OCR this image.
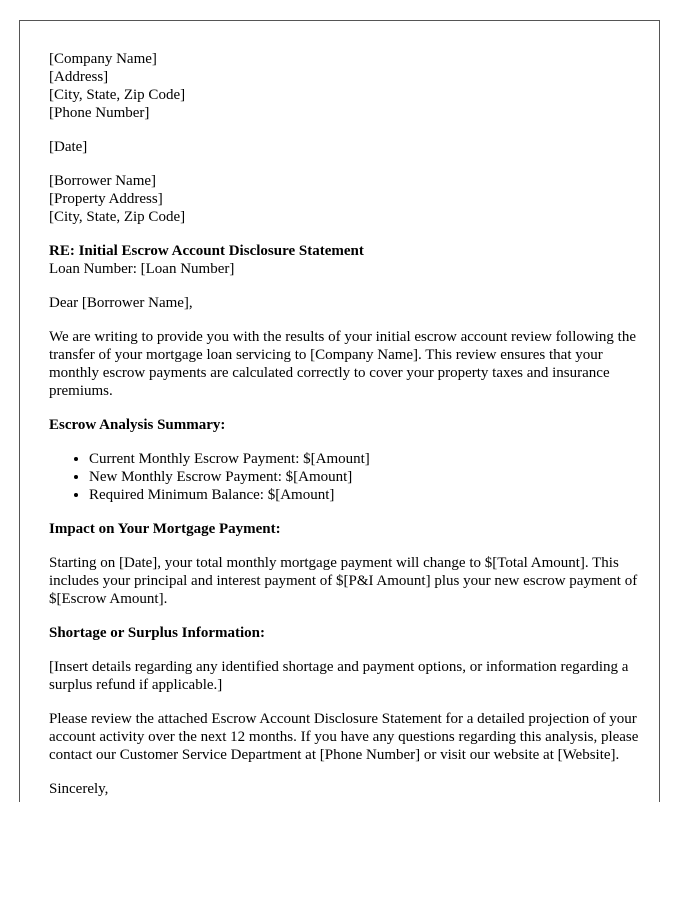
[Company Name]
[Address]
[City, State, Zip Code]
[Phone Number]
[Date]
[Borrower Name]
[Property Address]
[City, State, Zip Code]
RE: Initial Escrow Account Disclosure Statement
Loan Number: [Loan Number]

Dear [Borrower Name],

We are writing to provide you with the results of your initial escrow account review following the transfer of your mortgage loan servicing to [Company Name]. This review ensures that your monthly escrow payments are calculated correctly to cover your property taxes and insurance premiums.

Escrow Analysis Summary:

• Current Monthly Escrow Payment: $[Amount]
• New Monthly Escrow Payment: $[Amount]
• Required Minimum Balance: $[Amount]

Impact on Your Mortgage Payment:

Starting on [Date], your total monthly mortgage payment will change to $[Total Amount]. This includes your principal and interest payment of $[P&I Amount] plus your new escrow payment of $[Escrow Amount].

Shortage or Surplus Information:

[Insert details regarding any identified shortage and payment options, or information regarding a surplus refund if applicable.]

Please review the attached Escrow Account Disclosure Statement for a detailed projection of your account activity over the next 12 months. If you have any questions regarding this analysis, please contact our Customer Service Department at [Phone Number] or visit our website at [Website].

Sincerely,
